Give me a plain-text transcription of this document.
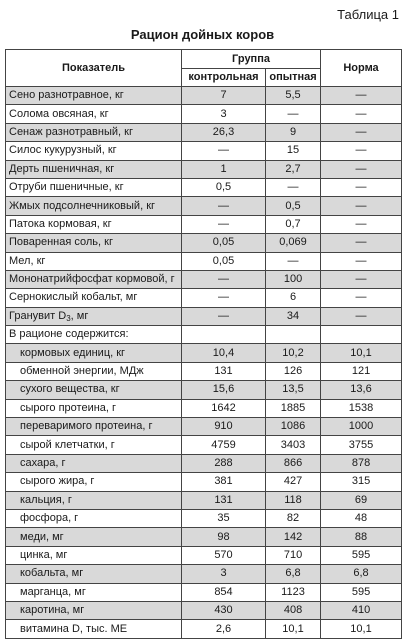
Таблица 1
Рацион дойных коров
Показатель	Группа		Норма
	контрольная	опытная	
Сено разнотравное, кг	7	5,5	—
Солома овсяная, кг	3	—	—
Сенаж разнотравный, кг	26,3	9	—
Силос кукурузный, кг	—	15	—
Дерть пшеничная, кг	1	2,7	—
Отруби пшеничные, кг	0,5	—	—
Жмых подсолнечниковый, кг	—	0,5	—
Патока кормовая, кг	—	0,7	—
Поваренная соль, кг	0,05	0,069	—
Мел, кг	0,05	—	—
Мононатрийфосфат кормовой, г	—	100	—
Сернокислый кобальт, мг	—	6	—
Гранувит $D_3$, мг	—	34	—
В рационе содержится:			
кормовых единиц, кг	10,4	10,2	10,1
обменной энергии, МДж	131	126	121
сухого вещества, кг	15,6	13,5	13,6
сырого протеина, г	1642	1885	1538
переваримого протеина, г	910	1086	1000
сырой клетчатки, г	4759	3403	3755
сахара, г	288	866	878
сырого жира, г	381	427	315
кальция, г	131	118	69
фосфора, г	35	82	48
меди, мг	98	142	88
цинка, мг	570	710	595
кобальта, мг	3	6,8	6,8
марганца, мг	854	1123	595
каротина, мг	430	408	410
витамина D, тыс. МЕ	2,6	10,1	10,1
